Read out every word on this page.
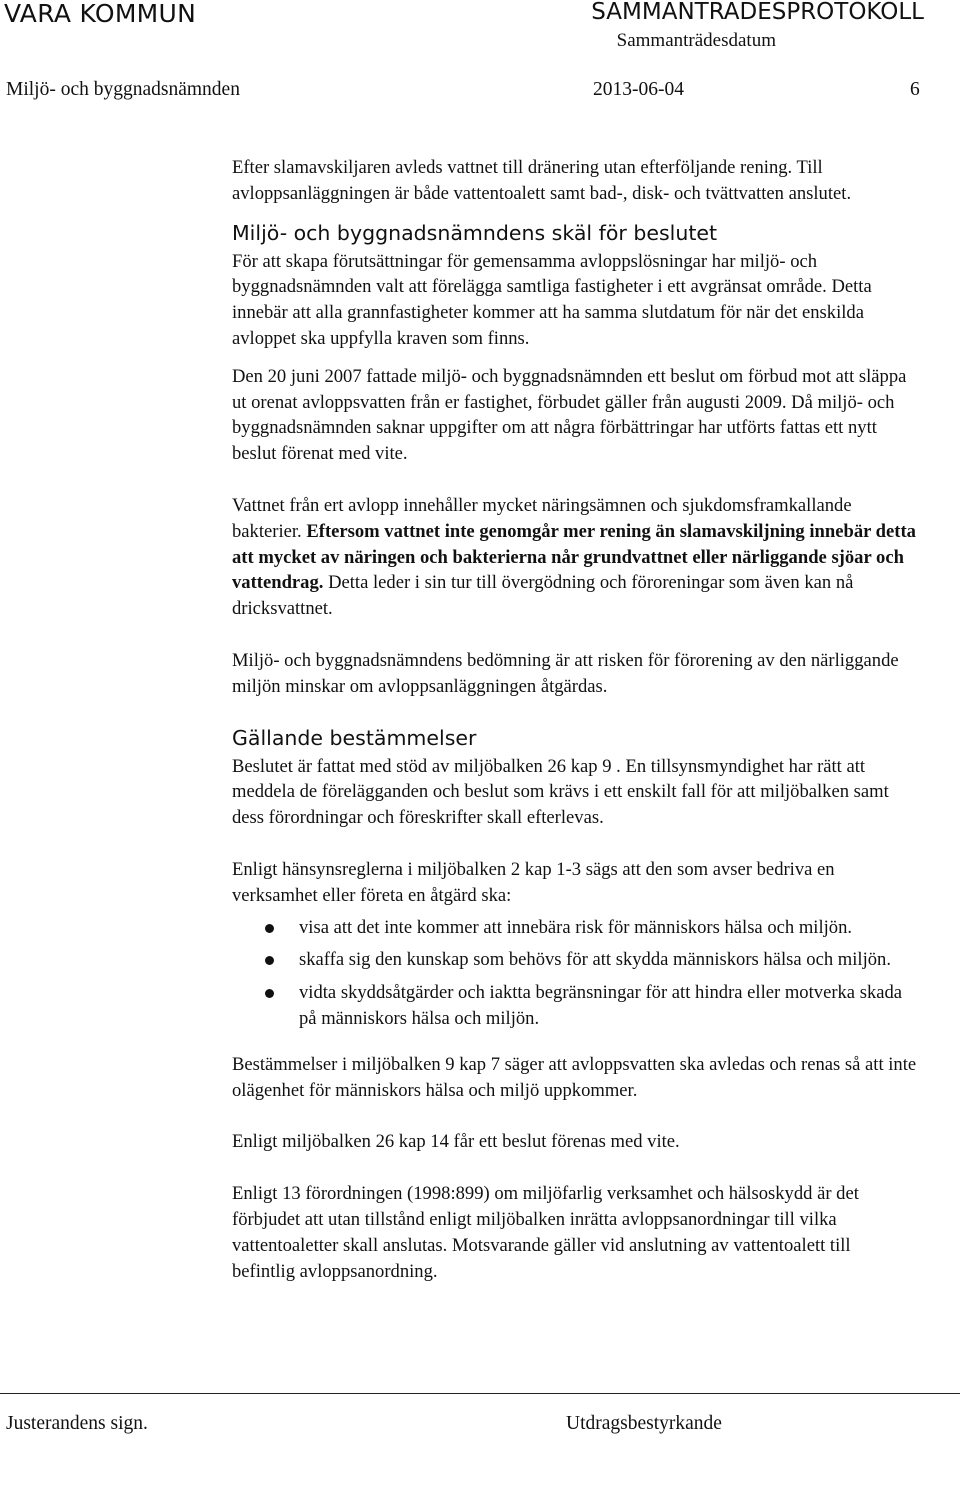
VARA KOMMUN	SAMMANTRÄDESPROTOKOLL
Sammanträdesdatum
Miljö- och byggnadsnämnden	2013-06-04	6

Efter slamavskiljaren avleds vattnet till dränering utan efterföljande rening. Till avloppsanläggningen är både vattentoalett samt bad-, disk- och tvättvatten anslutet.

Miljö- och byggnadsnämndens skäl för beslutet

För att skapa förutsättningar för gemensamma avloppslösningar har miljö- och byggnadsnämnden valt att förelägga samtliga fastigheter i ett avgränsat område. Detta innebär att alla grannfastigheter kommer att ha samma slutdatum för när det enskilda avloppet ska uppfylla kraven som finns.

Den 20 juni 2007 fattade miljö- och byggnadsnämnden ett beslut om förbud mot att släppa ut orenat avloppsvatten från er fastighet, förbudet gäller från augusti 2009. Då miljö- och byggnadsnämnden saknar uppgifter om att några förbättringar har utförts fattas ett nytt beslut förenat med vite.

Vattnet från ert avlopp innehåller mycket näringsämnen och sjukdomsframkallande bakterier. Eftersom vattnet inte genomgår mer rening än slamavskiljning innebär detta att mycket av näringen och bakterierna når grundvattnet eller närliggande sjöar och vattendrag. Detta leder i sin tur till övergödning och föroreningar som även kan nå dricksvattnet.

Miljö- och byggnadsnämndens bedömning är att risken för förorening av den närliggande miljön minskar om avloppsanläggningen åtgärdas.

Gällande bestämmelser

Beslutet är fattat med stöd av miljöbalken 26 kap 9 . En tillsynsmyndighet har rätt att meddela de förelägganden och beslut som krävs i ett enskilt fall för att miljöbalken samt dess förordningar och föreskrifter skall efterlevas.

Enligt hänsynsreglerna i miljöbalken 2 kap 1-3 sägs att den som avser bedriva en verksamhet eller företa en åtgärd ska:

visa att det inte kommer att innebära risk för människors hälsa och miljön.
skaffa sig den kunskap som behövs för att skydda människors hälsa och miljön.
vidta skyddsåtgärder och iaktta begränsningar för att hindra eller motverka skada på människors hälsa och miljön.

Bestämmelser i miljöbalken 9 kap 7 säger att avloppsvatten ska avledas och renas så att inte olägenhet för människors hälsa och miljö uppkommer.

Enligt miljöbalken 26 kap 14 får ett beslut förenas med vite.

Enligt 13 förordningen (1998:899) om miljöfarlig verksamhet och hälsoskydd är det förbjudet att utan tillstånd enligt miljöbalken inrätta avloppsanordningar till vilka vattentoaletter skall anslutas. Motsvarande gäller vid anslutning av vattentoalett till befintlig avloppsanordning.

Justerandens sign.	Utdragsbestyrkande
